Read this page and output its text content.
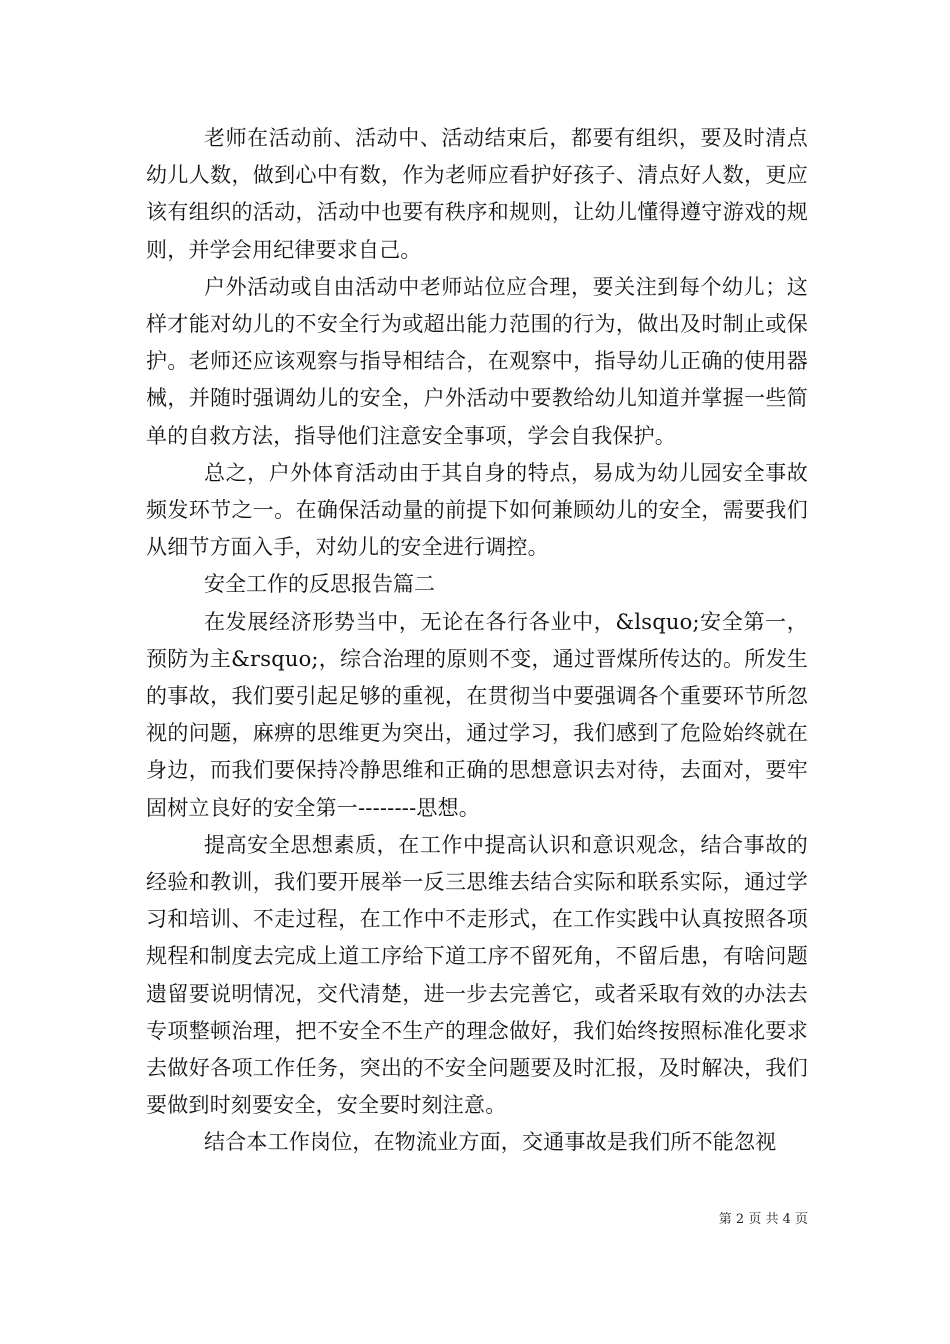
老师在活动前、活动中、活动结束后，都要有组织，要及时清点幼儿人数，做到心中有数，作为老师应看护好孩子、清点好人数，更应该有组织的活动，活动中也要有秩序和规则，让幼儿懂得遵守游戏的规则，并学会用纪律要求自己。

户外活动或自由活动中老师站位应合理，要关注到每个幼儿；这样才能对幼儿的不安全行为或超出能力范围的行为，做出及时制止或保护。老师还应该观察与指导相结合，在观察中，指导幼儿正确的使用器械，并随时强调幼儿的安全，户外活动中要教给幼儿知道并掌握一些简单的自救方法，指导他们注意安全事项，学会自我保护。

总之，户外体育活动由于其自身的特点，易成为幼儿园安全事故频发环节之一。在确保活动量的前提下如何兼顾幼儿的安全，需要我们从细节方面入手，对幼儿的安全进行调控。

安全工作的反思报告篇二

在发展经济形势当中，无论在各行各业中，&lsquo;安全第一，预防为主&rsquo;，综合治理的原则不变，通过晋煤所传达的。所发生的事故，我们要引起足够的重视，在贯彻当中要强调各个重要环节所忽视的问题，麻痹的思维更为突出，通过学习，我们感到了危险始终就在身边，而我们要保持冷静思维和正确的思想意识去对待，去面对，要牢固树立良好的安全第一--------思想。

提高安全思想素质，在工作中提高认识和意识观念，结合事故的经验和教训，我们要开展举一反三思维去结合实际和联系实际，通过学习和培训、不走过程，在工作中不走形式，在工作实践中认真按照各项规程和制度去完成上道工序给下道工序不留死角，不留后患，有啥问题遗留要说明情况，交代清楚，进一步去完善它，或者采取有效的办法去专项整顿治理，把不安全不生产的理念做好，我们始终按照标准化要求去做好各项工作任务，突出的不安全问题要及时汇报，及时解决，我们要做到时刻要安全，安全要时刻注意。

结合本工作岗位，在物流业方面，交通事故是我们所不能忽视

第 2 页 共 4 页
